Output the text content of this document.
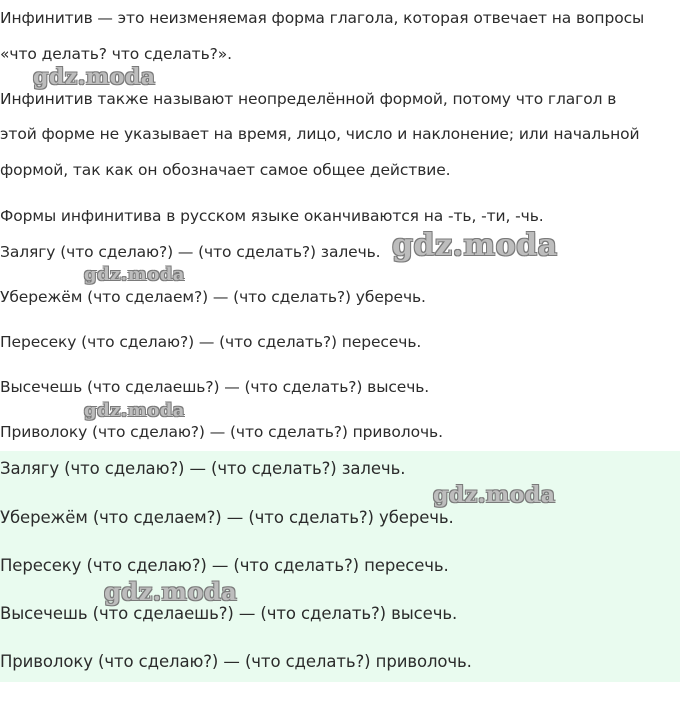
Инфинитив — это неизменяемая форма глагола, которая отвечает на вопросы
«что делать? что сделать?».
Инфинитив также называют неопределённой формой, потому что глагол в
этой форме не указывает на время, лицо, число и наклонение; или начальной
формой, так как он обозначает самое общее действие.
Формы инфинитива в русском языке оканчиваются на -ть, -ти, -чь.
Залягу (что сделаю?) — (что сделать?) залечь.
Убережём (что сделаем?) — (что сделать?) уберечь.
Пересеку (что сделаю?) — (что сделать?) пересечь.
Высечешь (что сделаешь?) — (что сделать?) высечь.
Приволоку (что сделаю?) — (что сделать?) приволочь.
Залягу (что сделаю?) — (что сделать?) залечь.
Убережём (что сделаем?) — (что сделать?) уберечь.
Пересеку (что сделаю?) — (что сделать?) пересечь.
Высечешь (что сделаешь?) — (что сделать?) высечь.
Приволоку (что сделаю?) — (что сделать?) приволочь.
gdz.moda
gdz.moda
gdz.moda
gdz.moda
gdz.moda
gdz.moda
